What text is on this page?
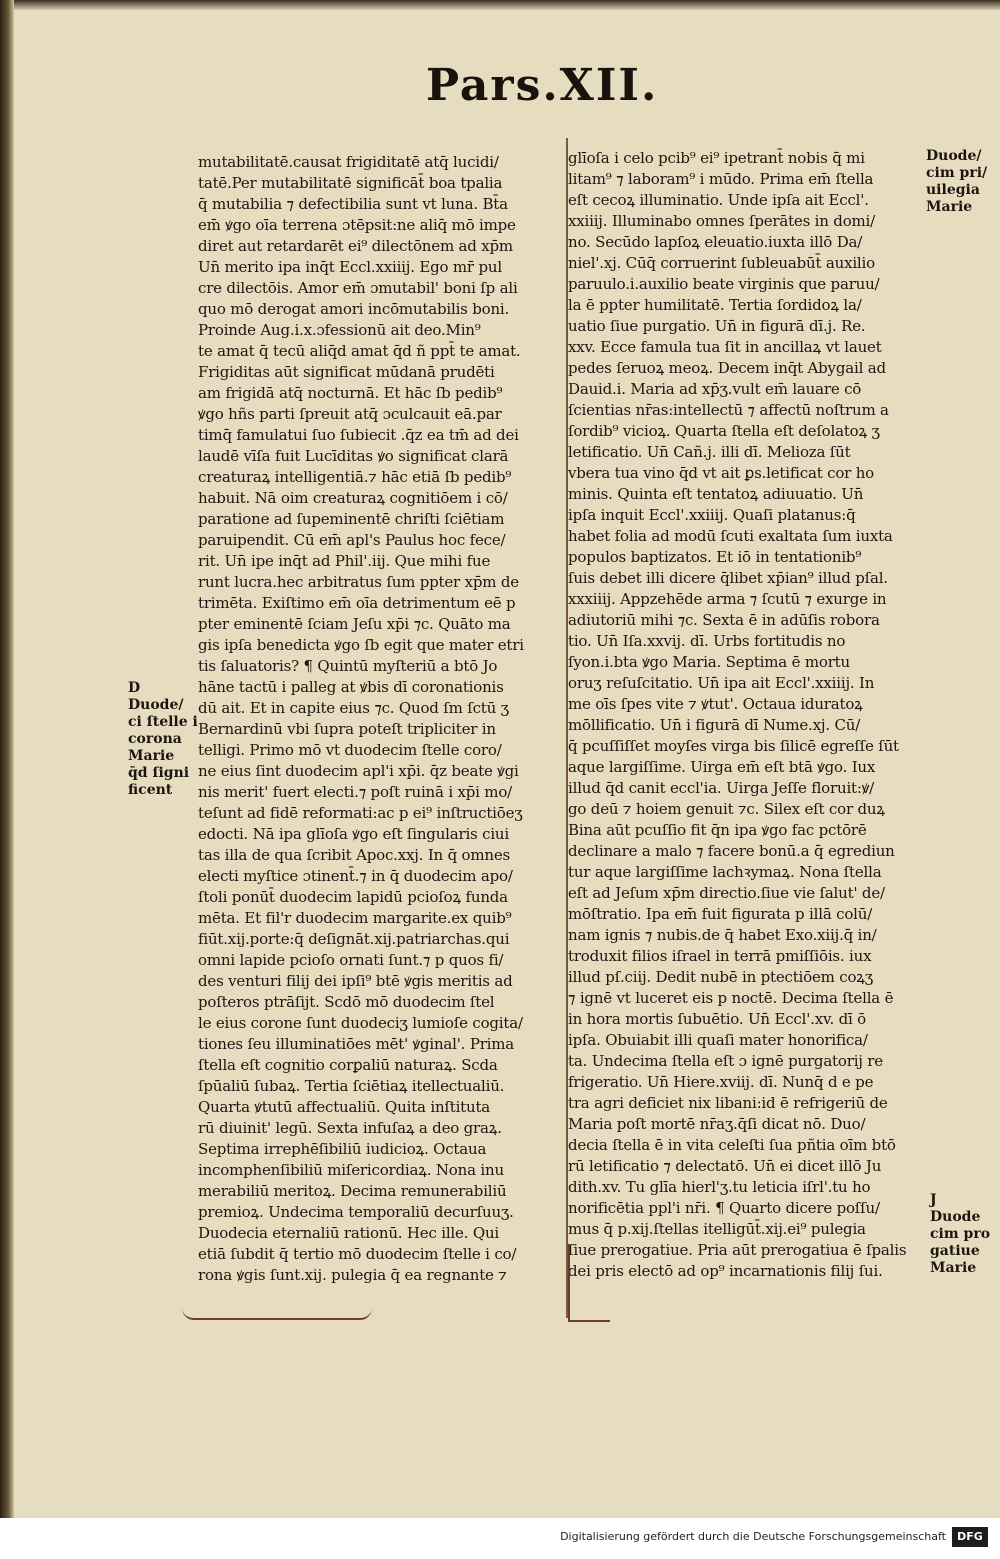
Pars.XII.
mutabilitatē.causat frigiditatē atq̄ lucidi/
tatē.Per mutabilitatē significāt̄ boa tpalia
q̄ mutabilia ⁊ defectibilia sunt vt luna. Bt̄a
em̄ ꝟgo oīa terrena ɔtēpsit:ne aliq̄ mō impe
diret aut retardarēt ei⁹ dilectōnem ad xp̄m
Un̄ merito ipa inq̄t Eccl.xxiiij. Ego mr̄ pul
cre dilectōis. Amor em̄ ɔmutabil' boni ſp ali
quo mō derogat amori incōmutabilis boni.
Proinde Aug.i.x.ɔfessionū ait deo.Min⁹
te amat q̄ tecū aliq̄d amat q̄d ñ ppt̄ te amat.
Frigiditas aūt significat mūdanā prudēti
am frigidā atq̄ nocturnā. Et hāc ſb pedib⁹
ꝟgo hñs parti ſpreuit atq̄ ɔculcauit eā.par
timq̄ famulatui ſuo ſubiecit .q̄z ea tm̄ ad dei
laudē vīſa fuit Lucīditas ꝟo significat clarā
creaturaꝝ intelligentiā.⁊ hāc etiā ſb pedib⁹
habuit. Nā oim creaturaꝝ cognitiōem i cō/
paratione ad ſupeminentē chriſti ſciētiam
paruipendit. Cū em̄ apl's Paulus hoc fece/
rit. Un̄ ipe inq̄t ad Phil'.iij. Que mihi fue
runt lucra.hec arbitratus ſum ppter xp̄m de
trimēta. Exiſtimo em̄ oīa detrimentum eē p
pter eminentē ſciam Jeſu xp̄i ⁊c. Quāto ma
gis ipſa benedicta ꝟgo ſb egit que mater etri
tis ſaluatoris? ¶ Quintū myſteriū a btō Jo
hāne tactū i palleg at ꝟbis dī coronationis
dū ait. Et in capite eius ⁊c. Quod ſm ſctū ʒ
Bernardinū vbi ſupra poteſt tripliciter in
telligi. Primo mō vt duodecim ſtelle coro/
ne eius ſint duodecim apl'i xp̄i. q̄z beate ꝟgi
nis merit' fuert electi.⁊ poſt ruinā i xp̄i mo/
teſunt ad fidē reformati:ac p ei⁹ inſtructiōeʒ
edocti. Nā ipa glīoſa ꝟgo eſt ſingularis ciui
tas illa de qua ſcribit Apoc.xxj. In q̄ omnes
electi myſtice ɔtinent̄.⁊ in q̄ duodecim apo/
ſtoli ponūt̄ duodecim lapidū pcioſoꝝ funda
mēta. Et fil'r duodecim margarite.ex quib⁹
fiūt.xij.porte:q̄ deſignāt.xij.patriarchas.qui
omni lapide pcioſo ornati ſunt.⁊ p quos fi/
des venturi filij dei ipſi⁹ btē ꝟgis meritis ad
poſteros ptrāſijt. Scdō mō duodecim ſtel
le eius corone ſunt duodeciʒ lumioſe cogita/
tiones ſeu illuminatiōes mēt' ꝟginal'. Prima
ſtella eſt cognitio corꝑaliū naturaꝝ. Scda
ſpūaliū ſubaꝝ. Tertia ſciētiaꝝ itellectualiū.
Quarta ꝟtutū affectualiū. Quita inſtituta
rū diuinit' legū. Sexta infuſaꝝ a deo graꝝ.
Septima irrephēſibiliū iudicioꝝ. Octaua
incomphenſibiliū miſericordiaꝝ. Nona inu
merabiliū meritoꝝ. Decima remunerabiliū
premioꝝ. Undecima temporaliū decurſuuʒ.
Duodecia eternaliū rationū. Hec ille. Qui
etiā ſubdit q̄ tertio mō duodecim ſtelle i co/
rona ꝟgis ſunt.xij. pulegia q̄ ea regnante ⁊
glīoſa i celo pcib⁹ ei⁹ ipetrant̄ nobis q̄ mi
litam⁹ ⁊ laboram⁹ i mūdo. Prima em̄ ſtella
eſt cecoꝝ illuminatio. Unde ipſa ait Eccl'.
xxiiij. Illuminabo omnes ſperātes in domi/
no. Secūdo lapſoꝝ eleuatio.iuxta illō Da/
niel'.xj. Cūq̄ corruerint ſubleuabūt̄ auxilio
paruulo.i.auxilio beate virginis que paruu/
la ē ppter humilitatē. Tertia ſordidoꝝ la/
uatio ſiue purgatio. Un̄ in figurā dī.j. Re.
xxv. Ecce famula tua ſit in ancillaꝝ vt lauet
pedes ſeruoꝝ meoꝝ. Decem inq̄t Abygail ad
Dauid.i. Maria ad xp̄ʒ.vult em̄ lauare cō
ſcientias nr̄as:intellectū ⁊ affectū noſtrum a
ſordib⁹ vicioꝝ. Quarta ſtella eſt deſolatoꝝ ʒ
letificatio. Un̄ Cañ.j. illi dī. Melioza ſūt
vbera tua vino q̄d vt ait ꝑs.letificat cor ho
minis. Quinta eſt tentatoꝝ adiuuatio. Un̄
ipſa inquit Eccl'.xxiiij. Quaſi platanus:q̄
habet folia ad modū ſcuti exaltata ſum iuxta
populos baptizatos. Et iō in tentationib⁹
ſuis debet illi dicere q̄libet xp̄ian⁹ illud pſal.
xxxiiij. Appzehēde arma ⁊ ſcutū ⁊ exurge in
adiutoriū mihi ⁊c. Sexta ē in adūſis robora
tio. Un̄ Iſa.xxvij. dī. Urbs fortitudis no
ſyon.i.bta ꝟgo Maria. Septima ē mortu
oruʒ reſuſcitatio. Un̄ ipa ait Eccl'.xxiiij. In
me oīs ſpes vite ⁊ ꝟtut'. Octaua iduratoꝝ
mōllificatio. Un̄ i figurā dī Nume.xj. Cū/
q̄ pcuſſiſſet moyſes virga bis ſilicē egreſſe ſūt
aque largiſſime. Uirga em̄ eſt btā ꝟgo. Iux
illud q̄d canit eccl'ia. Uirga Jeſſe floruit:ꝟ/
go deū ⁊ hoiem genuit ⁊c. Silex eſt cor duꝝ
Bina aūt pcuſſio fit q̄n ipa ꝟgo fac pctōrē
declinare a malo ⁊ facere bonū.a q̄ egrediun
tur aque largiſſime lachꝛymaꝝ. Nona ſtella
eſt ad Jeſum xp̄m directio.ſiue vie ſalut' de/
mōſtratio. Ipa em̄ fuit figurata p illā colū/
nam ignis ⁊ nubis.de q̄ habet Exo.xiij.q̄ in/
troduxit filios iſrael in terrā pmiſſiōis. iux
illud pſ.ciij. Dedit nubē in ptectiōem coꝝʒ
⁊ ignē vt luceret eis p noctē. Decima ſtella ē
in hora mortis ſubuētio. Un̄ Eccl'.xv. dī ō
ipſa. Obuiabit illi quaſi mater honorifica/
ta. Undecima ſtella eſt ɔ ignē purgatorij re
frigeratio. Un̄ Hiere.xviij. dī. Nunq̄ d e pe
tra agri deficiet nix libani:id ē refrigeriū de
Maria poſt mortē nr̄aʒ.q̄ſi dicat nō. Duo/
decia ſtella ē in vita celeſti ſua pñtia oīm btō
rū letificatio ⁊ delectatō. Un̄ ei dicet illō Ju
dith.xv. Tu glīa hierl'ʒ.tu leticia iſrl'.tu ho
norificētia ppl'i nr̄i. ¶ Quarto dicere poſſu/
mus q̄ p.xij.ſtellas itelligūt̄.xij.ei⁹ pulegia
ſiue prerogatiue. Pria aūt prerogatiua ē ſpalis
dei pris electō ad op⁹ incarnationis filij ſui.
D
Duode/
ci ſtelle i
corona
Marie
q̄d ſigni
ficent
Duode/
cim pri/
uilegia
Marie
J
Duode
cim pro
gatiue
Marie
Digitalisierung gefördert durch die Deutsche Forschungsgemeinschaft	DFG
